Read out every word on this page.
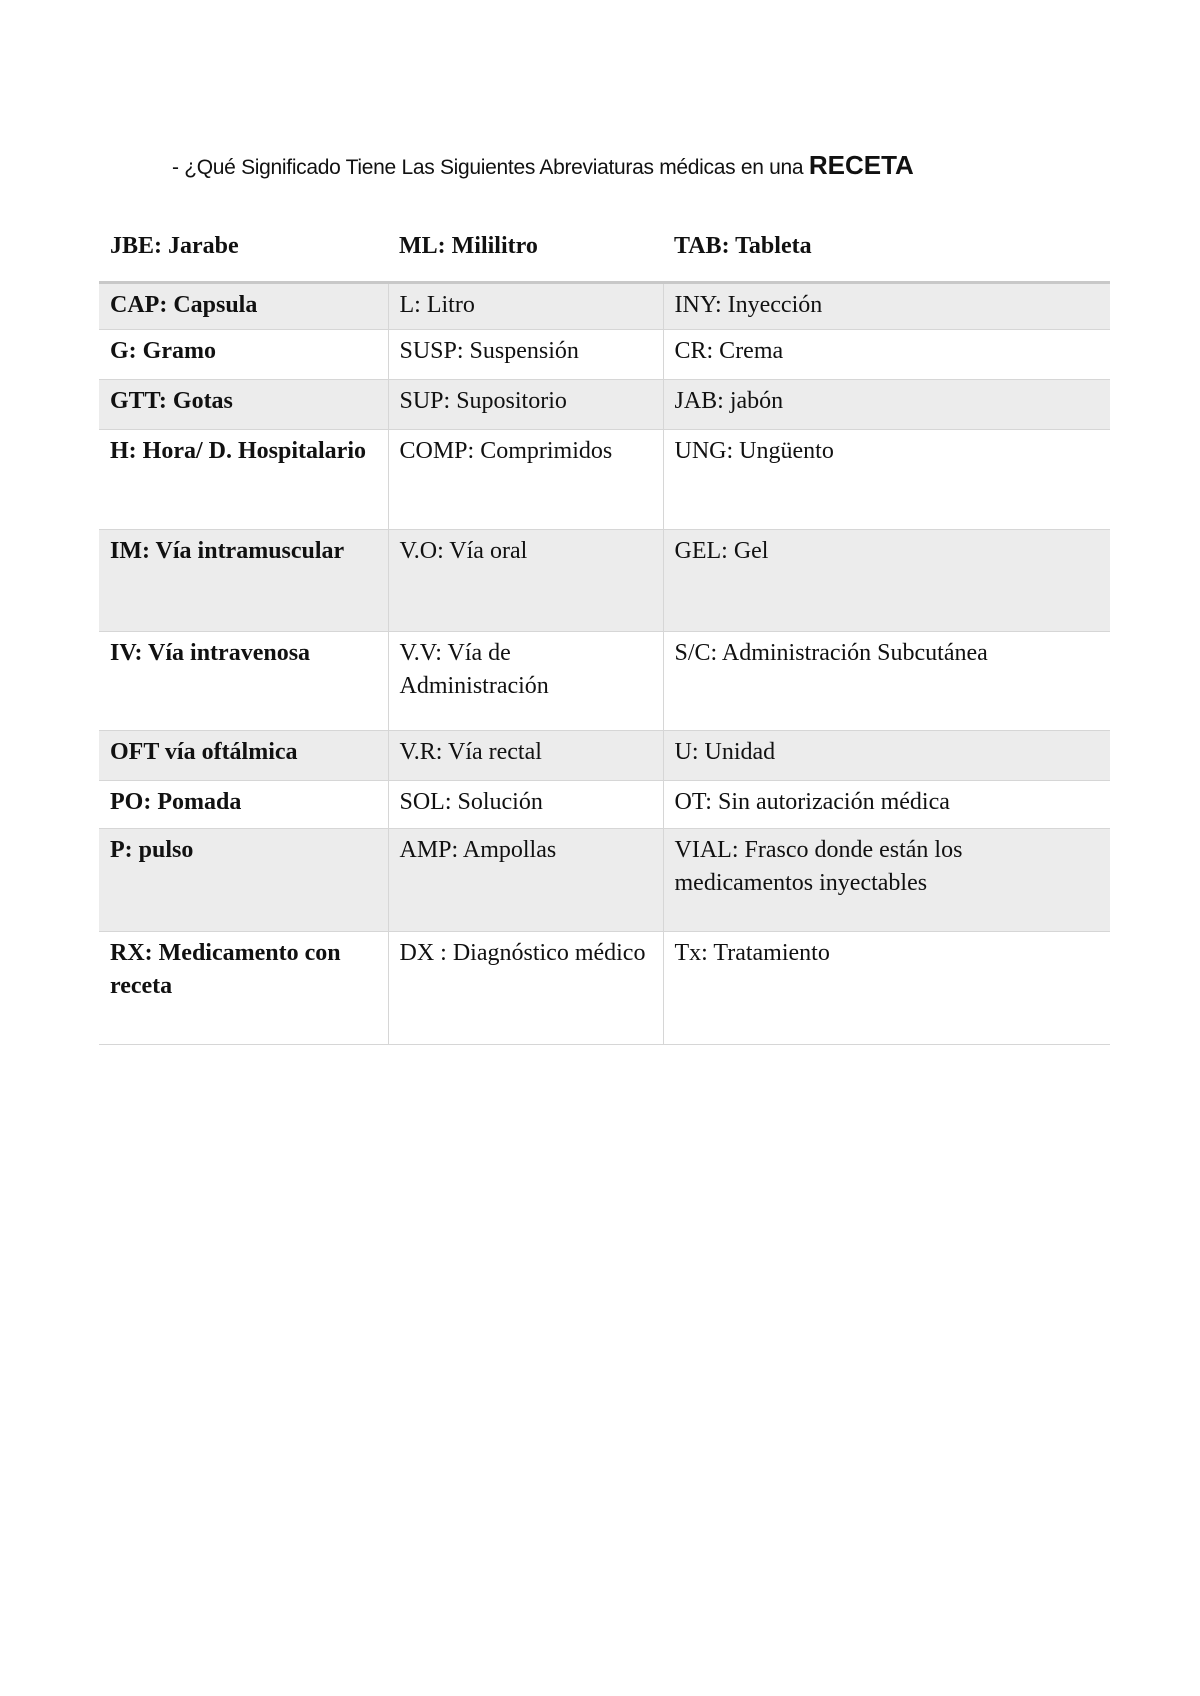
- ¿Qué Significado Tiene Las Siguientes Abreviaturas médicas en una RECETA
JBE: Jarabe	ML: Mililitro	TAB: Tableta
CAP: Capsula	L: Litro	INY: Inyección
G: Gramo	SUSP: Suspensión	CR: Crema
GTT: Gotas	SUP: Supositorio	JAB: jabón
H: Hora/ D. Hospitalario	COMP: Comprimidos	UNG: Ungüento
IM: Vía intramuscular	V.O: Vía oral	GEL: Gel
IV: Vía intravenosa	V.V: Vía de Administración	S/C: Administración Subcutánea
OFT vía oftálmica	V.R: Vía rectal	U: Unidad
PO: Pomada	SOL: Solución	OT: Sin autorización médica
P: pulso	AMP: Ampollas	VIAL: Frasco donde están los medicamentos inyectables
RX: Medicamento con receta	DX : Diagnóstico médico	Tx: Tratamiento
